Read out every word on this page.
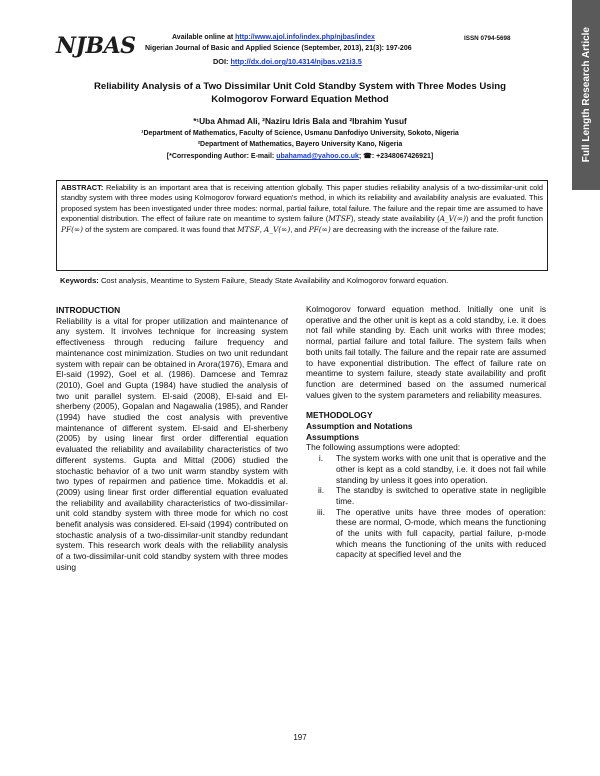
Full Length Research Article
NJBAS	Available online at http://www.ajol.info/index.php/njbas/index	ISSN 0794-5698
Nigerian Journal of Basic and Applied Science (September, 2013), 21(3): 197-206
DOI: http://dx.doi.org/10.4314/njbas.v21i3.5
Reliability Analysis of a Two Dissimilar Unit Cold Standby System with Three Modes Using
Kolmogorov Forward Equation Method
*¹Uba Ahmad Ali, ²Naziru Idris Bala and ²Ibrahim Yusuf
¹Department of Mathematics, Faculty of Science, Usmanu Danfodiyo University, Sokoto, Nigeria
²Department of Mathematics, Bayero University Kano, Nigeria
[*Corresponding Author: E-mail: ubahamad@yahoo.co.uk; ☎: +2348067426921]
ABSTRACT: Reliability is an important area that is receiving attention globally. This paper studies reliability analysis of a two-dissimilar-unit cold standby system with three modes using Kolmogorov forward equation's method, in which its reliability and availability analysis are evaluated. This proposed system has been investigated under three modes: normal, partial failure, total failure. The failure and the repair time are assumed to have exponential distribution. The effect of failure rate on meantime to system failure (MTSF), steady state availability (A_V(∞)) and the profit function PF(∞) of the system are compared. It was found that MTSF, A_V(∞), and PF(∞) are decreasing with the increase of the failure rate.
Keywords: Cost analysis, Meantime to System Failure, Steady State Availability and Kolmogorov forward equation.
INTRODUCTION
Reliability is a vital for proper utilization and maintenance of any system. It involves technique for increasing system effectiveness through reducing failure frequency and maintenance cost minimization. Studies on two unit redundant system with repair can be obtained in Arora(1976), Emara and El-said (1992), Goel et al. (1986). Damcese and Temraz (2010), Goel and Gupta (1984) have studied the analysis of two unit parallel system. El-said (2008), El-said and El- sherbeny (2005), Gopalan and Nagawalia (1985), and Rander (1994) have studied the cost analysis with preventive maintenance of different system. El-said and El-sherbeny (2005) by using linear first order differential equation evaluated the reliability and availability characteristics of two different systems. Gupta and Mittal (2006) studied the stochastic behavior of a two unit warm standby system with two types of repairmen and patience time. Mokaddis et al. (2009) using linear first order differential equation evaluated the reliability and availability characteristics of two-dissimilar-unit cold standby system with three mode for which no cost benefit analysis was considered. El-said (1994) contributed on stochastic analysis of a two-dissimilar-unit standby redundant system. This research work deals with the reliability analysis of a two-dissimilar-unit cold standby system with three modes using
Kolmogorov forward equation method. Initially one unit is operative and the other unit is kept as a cold standby, i.e. it does not fail while standing by. Each unit works with three modes; normal, partial failure and total failure. The system fails when both units fail totally. The failure and the repair rate are assumed to have exponential distribution. The effect of failure rate on meantime to system failure, steady state availability and profit function are determined based on the assumed numerical values given to the system parameters and reliability measures.
METHODOLOGY
Assumption and Notations
Assumptions
The following assumptions were adopted:
i.	The system works with one unit that is operative and the other is kept as a cold standby, i.e. it does not fail while standing by unless it goes into operation.
ii.	The standby is switched to operative state in negligible time.
iii.	The operative units have three modes of operation: these are normal, O-mode, which means the functioning of the units with full capacity, partial failure, p-mode which means the functioning of the units with reduced capacity at specified level and the
197
